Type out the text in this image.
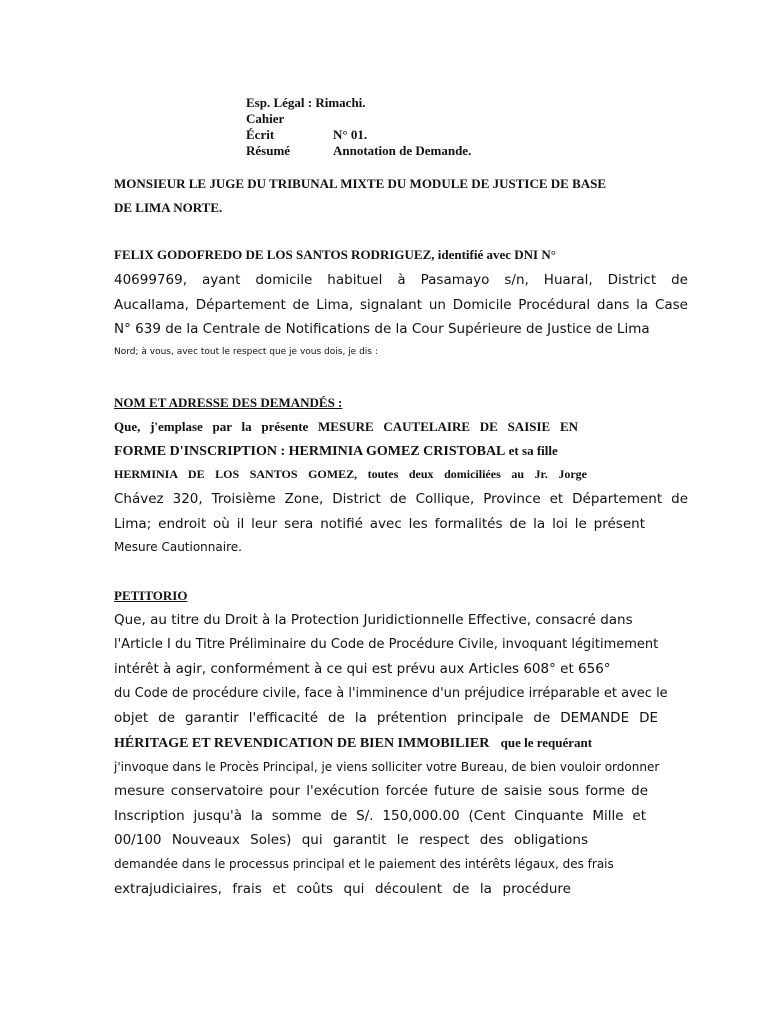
Esp. Légal : Rimachi.
Cahier
Écrit	N° 01.
Résumé	Annotation de Demande.
MONSIEUR LE JUGE DU TRIBUNAL MIXTE DU MODULE DE JUSTICE DE BASE
DE LIMA NORTE.
FELIX GODOFREDO DE LOS SANTOS RODRIGUEZ, identifié avec DNI N°
40699769, ayant domicile habituel à Pasamayo s/n, Huaral, District de
Aucallama, Département de Lima, signalant un Domicile Procédural dans la Case
N° 639 de la Centrale de Notifications de la Cour Supérieure de Justice de Lima
Nord; à vous, avec tout le respect que je vous dois, je dis :
NOM ET ADRESSE DES DEMANDÉS :
Que, j'emplase par la présente MESURE CAUTELAIRE DE SAISIE EN
FORME D'INSCRIPTION : HERMINIA GOMEZ CRISTOBAL et sa fille
HERMINIA DE LOS SANTOS GOMEZ, toutes deux domiciliées au Jr. Jorge
Chávez 320, Troisième Zone, District de Collique, Province et Département de
Lima; endroit où il leur sera notifié avec les formalités de la loi le présent
Mesure Cautionnaire.
PETITORIO
Que, au titre du Droit à la Protection Juridictionnelle Effective, consacré dans
l'Article I du Titre Préliminaire du Code de Procédure Civile, invoquant légitimement
intérêt à agir, conformément à ce qui est prévu aux Articles 608° et 656°
du Code de procédure civile, face à l'imminence d'un préjudice irréparable et avec le
objet de garantir l'efficacité de la prétention principale de DEMANDE DE
HÉRITAGE ET REVENDICATION DE BIEN IMMOBILIER que le requérant
j'invoque dans le Procès Principal, je viens solliciter votre Bureau, de bien vouloir ordonner
mesure conservatoire pour l'exécution forcée future de saisie sous forme de
Inscription jusqu'à la somme de S/. 150,000.00 (Cent Cinquante Mille et
00/100 Nouveaux Soles) qui garantit le respect des obligations
demandée dans le processus principal et le paiement des intérêts légaux, des frais
extrajudiciaires, frais et coûts qui découlent de la procédure
